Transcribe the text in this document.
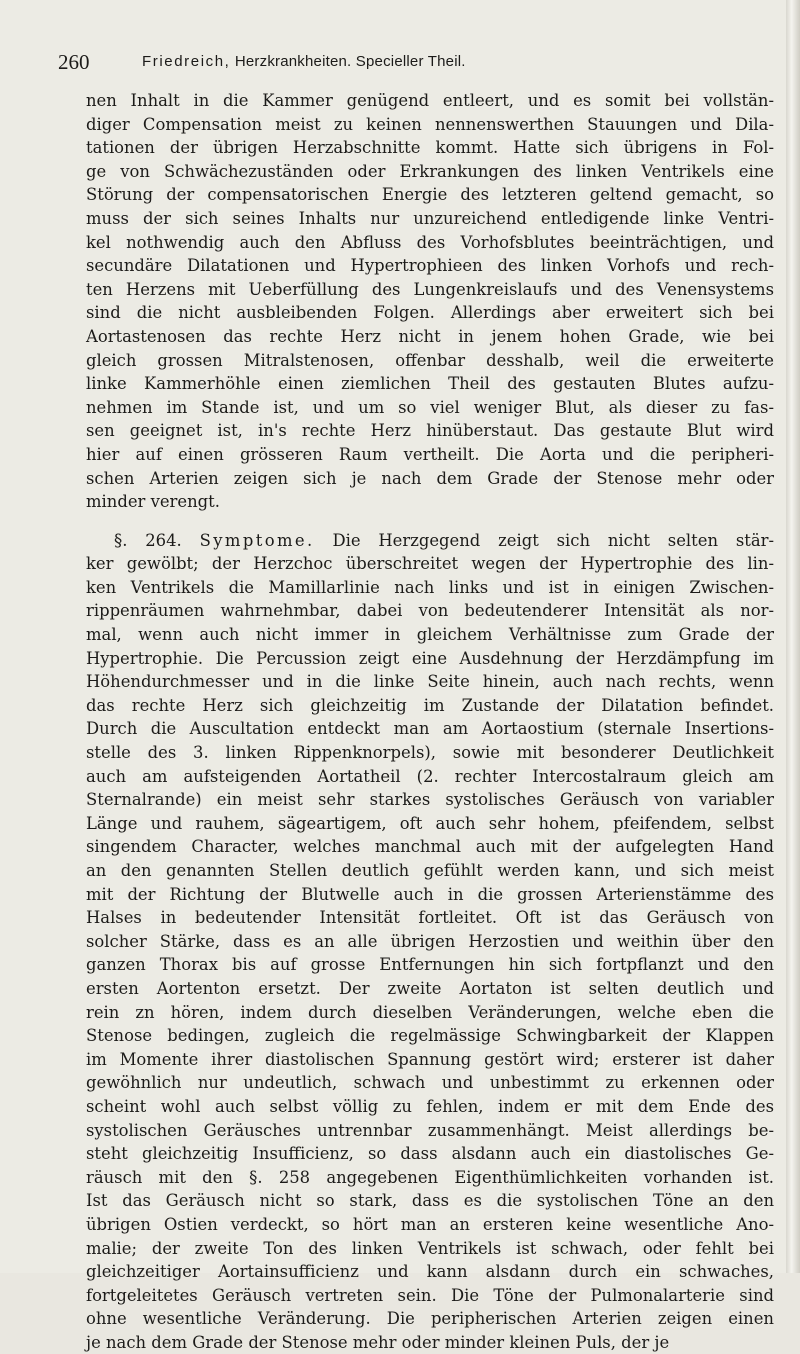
260	Friedreich, Herzkrankheiten. Specieller Theil.
nen Inhalt in die Kammer genügend entleert, und es somit bei vollstän-
diger Compensation meist zu keinen nennenswerthen Stauungen und Dila-
tationen der übrigen Herzabschnitte kommt. Hatte sich übrigens in Fol-
ge von Schwächezuständen oder Erkrankungen des linken Ventrikels eine
Störung der compensatorischen Energie des letzteren geltend gemacht, so
muss der sich seines Inhalts nur unzureichend entledigende linke Ventri-
kel nothwendig auch den Abfluss des Vorhofsblutes beeinträchtigen, und
secundäre Dilatationen und Hypertrophieen des linken Vorhofs und rech-
ten Herzens mit Ueberfüllung des Lungenkreislaufs und des Venensystems
sind die nicht ausbleibenden Folgen. Allerdings aber erweitert sich bei
Aortastenosen das rechte Herz nicht in jenem hohen Grade, wie bei
gleich grossen Mitralstenosen, offenbar desshalb, weil die erweiterte
linke Kammerhöhle einen ziemlichen Theil des gestauten Blutes aufzu-
nehmen im Stande ist, und um so viel weniger Blut, als dieser zu fas-
sen geeignet ist, in's rechte Herz hinüberstaut. Das gestaute Blut wird
hier auf einen grösseren Raum vertheilt. Die Aorta und die peripheri-
schen Arterien zeigen sich je nach dem Grade der Stenose mehr oder
minder verengt.
§. 264. Symptome. Die Herzgegend zeigt sich nicht selten stär-
ker gewölbt; der Herzchoc überschreitet wegen der Hypertrophie des lin-
ken Ventrikels die Mamillarlinie nach links und ist in einigen Zwischen-
rippenräumen wahrnehmbar, dabei von bedeutenderer Intensität als nor-
mal, wenn auch nicht immer in gleichem Verhältnisse zum Grade der
Hypertrophie. Die Percussion zeigt eine Ausdehnung der Herzdämpfung im
Höhendurchmesser und in die linke Seite hinein, auch nach rechts, wenn
das rechte Herz sich gleichzeitig im Zustande der Dilatation befindet.
Durch die Auscultation entdeckt man am Aortaostium (sternale Insertions-
stelle des 3. linken Rippenknorpels), sowie mit besonderer Deutlichkeit
auch am aufsteigenden Aortatheil (2. rechter Intercostalraum gleich am
Sternalrande) ein meist sehr starkes systolisches Geräusch von variabler
Länge und rauhem, sägeartigem, oft auch sehr hohem, pfeifendem, selbst
singendem Character, welches manchmal auch mit der aufgelegten Hand
an den genannten Stellen deutlich gefühlt werden kann, und sich meist
mit der Richtung der Blutwelle auch in die grossen Arterienstämme des
Halses in bedeutender Intensität fortleitet. Oft ist das Geräusch von
solcher Stärke, dass es an alle übrigen Herzostien und weithin über den
ganzen Thorax bis auf grosse Entfernungen hin sich fortpflanzt und den
ersten Aortenton ersetzt. Der zweite Aortaton ist selten deutlich und
rein zn hören, indem durch dieselben Veränderungen, welche eben die
Stenose bedingen, zugleich die regelmässige Schwingbarkeit der Klappen
im Momente ihrer diastolischen Spannung gestört wird; ersterer ist daher
gewöhnlich nur undeutlich, schwach und unbestimmt zu erkennen oder
scheint wohl auch selbst völlig zu fehlen, indem er mit dem Ende des
systolischen Geräusches untrennbar zusammenhängt. Meist allerdings be-
steht gleichzeitig Insufficienz, so dass alsdann auch ein diastolisches Ge-
räusch mit den §. 258 angegebenen Eigenthümlichkeiten vorhanden ist.
Ist das Geräusch nicht so stark, dass es die systolischen Töne an den
übrigen Ostien verdeckt, so hört man an ersteren keine wesentliche Ano-
malie; der zweite Ton des linken Ventrikels ist schwach, oder fehlt bei
gleichzeitiger Aortainsufficienz und kann alsdann durch ein schwaches,
fortgeleitetes Geräusch vertreten sein. Die Töne der Pulmonalarterie sind
ohne wesentliche Veränderung. Die peripherischen Arterien zeigen einen
je nach dem Grade der Stenose mehr oder minder kleinen Puls, der je
